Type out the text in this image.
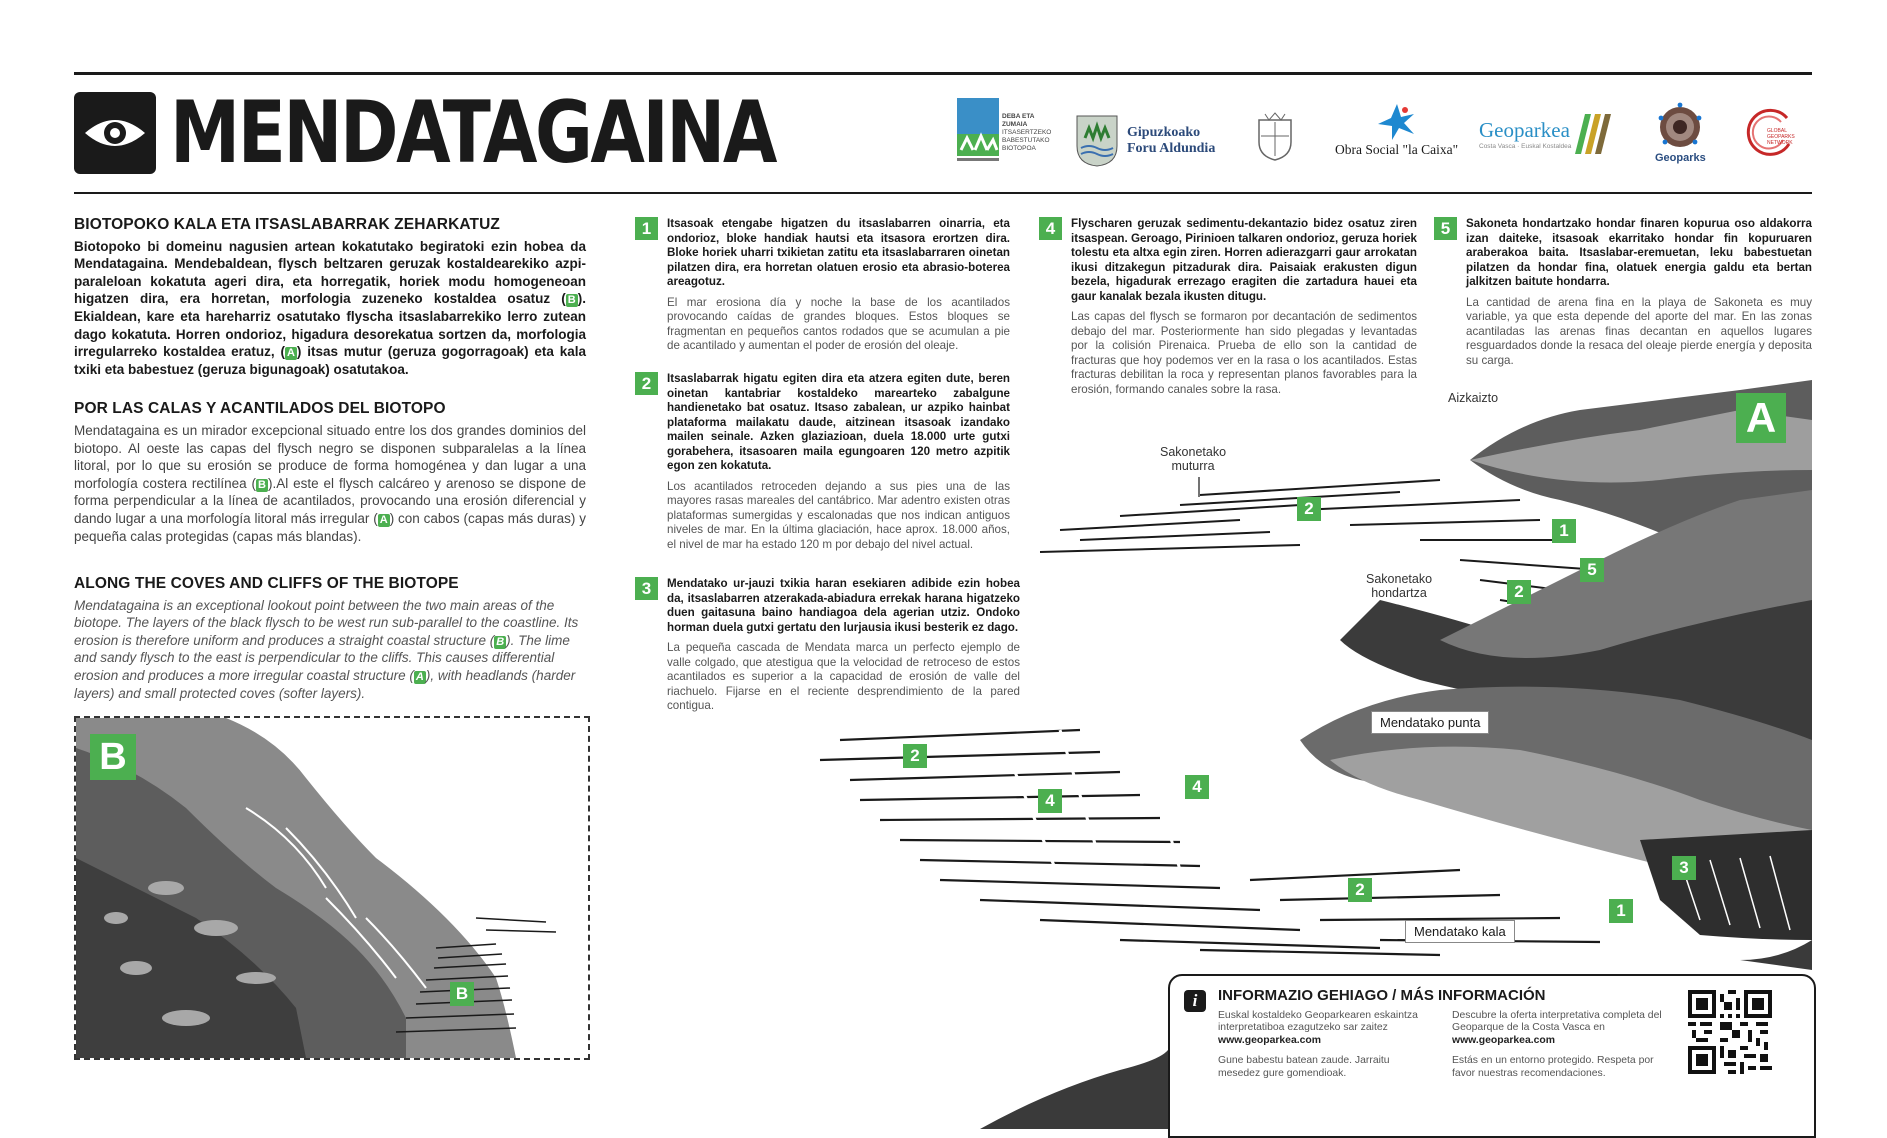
MENDATAGAINA	DEBA ETA
ZUMAIA
ITSASERTZEKO
BABESTUTAKO
BIOTOPOA
Gipuzkoako
Foru Aldundia	Obra Social "la Caixa"
Geoparkea
Costa Vasca · Euskal Kostaldea
Geoparks
GLOBAL GEOPARKS NETWORK
BIOTOPOKO KALA ETA ITSASLABARRAK ZEHARKATUZ

Biotopoko bi domeinu nagusien artean kokatutako begiratoki ezin hobea da Mendatagaina. Mendebaldean, flysch beltzaren geruzak kostaldearekiko azpi-paraleloan kokatuta ageri dira, eta horregatik, horiek modu homogeneoan higatzen dira, era horretan, morfologia zuzeneko kostaldea osatuz ( B ). Ekialdean, kare eta hareharriz osatutako flyscha itsaslabarrekiko lerro zutean dago kokatuta. Horren ondorioz, higadura desorekatua sortzen da, morfologia irregularreko kostaldea eratuz, ( A ) itsas mutur (geruza gogorragoak) eta kala txiki eta babestuez (geruza bigunagoak) osatutakoa.

POR LAS CALAS Y ACANTILADOS DEL BIOTOPO

Mendatagaina es un mirador excepcional situado entre los dos grandes dominios del biotopo. Al oeste las capas del flysch negro se disponen subparalelas a la línea litoral, por lo que su erosión se produce de forma homogénea y dan lugar a una morfología costera rectilínea ( B ).Al este el flysch calcáreo y arenoso se dispone de forma perpendicular a la línea de acantilados, provocando una erosión diferencial y dando lugar a una morfología litoral más irregular ( A ) con cabos (capas más duras) y pequeña calas protegidas (capas más blandas).

ALONG THE COVES AND CLIFFS OF THE BIOTOPE

Mendatagaina is an exceptional lookout point between the two main areas of the biotope. The layers of the black flysch to be west run sub-parallel to the coastline. Its erosion is therefore uniform and produces a straight coastal structure ( B ). The lime and sandy flysch to the east is perpendicular to the cliffs. This causes differential erosion and produces a more irregular coastal structure ( A ), with headlands (harder layers) and small protected coves (softer layers).

B
B
Aizkaizto
Sakonetako
muturra
Sakonetako
hondartza
Mendatako punta
Mendatako kala
A
2
1
5
2
2
4
4
2
3
1
1	Itsasoak etengabe higatzen du itsaslabarren oinarria, eta ondorioz, bloke handiak hautsi eta itsasora erortzen dira. Bloke horiek uharri txikietan zatitu eta itsaslabarraren oinetan pilatzen dira, era horretan olatuen erosio eta abrasio-boterea areagotuz.

El mar erosiona día y noche la base de los acantilados provocando caídas de grandes bloques. Estos bloques se fragmentan en pequeños cantos rodados que se acumulan a pie de acantilado y aumentan el poder de erosión del oleaje.

2	Itsaslabarrak higatu egiten dira eta atzera egiten dute, beren oinetan kantabriar kostaldeko marearteko zabalgune handienetako bat osatuz. Itsaso zabalean, ur azpiko hainbat plataforma mailakatu daude, aitzinean itsasoak izandako mailen seinale. Azken glaziazioan, duela 18.000 urte gutxi gorabehera, itsasoaren maila egungoaren 120 metro azpitik egon zen kokatuta.

Los acantilados retroceden dejando a sus pies una de las mayores rasas mareales del cantábrico. Mar adentro existen otras plataformas sumergidas y escalonadas que nos indican antiguos niveles de mar. En la última glaciación, hace aprox. 18.000 años, el nivel de mar ha estado 120 m por debajo del nivel actual.

3	Mendatako ur-jauzi txikia haran esekiaren adibide ezin hobea da, itsaslabarren atzerakada-abiadura errekak harana higatzeko duen gaitasuna baino handiagoa dela agerian utziz. Ondoko horman duela gutxi gertatu den lurjausia ikusi besterik ez dago.

La pequeña cascada de Mendata marca un perfecto ejemplo de valle colgado, que atestigua que la velocidad de retroceso de estos acantilados es superior a la capacidad de erosión de valle del riachuelo. Fijarse en el reciente desprendimiento de la pared contigua.

4	Flyscharen geruzak sedimentu-dekantazio bidez osatuz ziren itsaspean. Geroago, Pirinioen talkaren ondorioz, geruza horiek tolestu eta altxa egin ziren. Horren adierazgarri gaur arrokatan ikusi ditzakegun pitzadurak dira. Paisaiak erakusten digun bezela, higadurak errezago eragiten die zartadura hauei eta gaur kanalak bezala ikusten ditugu.

Las capas del flysch se formaron por decantación de sedimentos debajo del mar. Posteriormente han sido plegadas y levantadas por la colisión Pirenaica. Prueba de ello son la cantidad de fracturas que hoy podemos ver en la rasa o los acantilados. Estas fracturas debilitan la roca y representan planos favorables para la erosión, formando canales sobre la rasa.

5	Sakoneta hondartzako hondar finaren kopurua oso aldakorra izan daiteke, itsasoak ekarritako hondar fin kopuruaren araberakoa baita. Itsaslabar-eremuetan, leku babestuetan pilatzen da hondar fina, olatuek energia galdu eta bertan jalkitzen baitute hondarra.

La cantidad de arena fina en la playa de Sakoneta es muy variable, ya que esta depende del aporte del mar. En las zonas acantiladas las arenas finas decantan en aquellos lugares resguardados donde la resaca del oleaje pierde energía y deposita su carga.

i	INFORMAZIO GEHIAGO / MÁS INFORMACIÓN
Euskal kostaldeko Geoparkearen eskaintza interpretatiboa ezagutzeko sar zaitez
www.geoparkea.com
Gune babestu batean zaude. Jarraitu mesedez gure gomendioak.
Descubre la oferta interpretativa completa del Geoparque de la Costa Vasca en
www.geoparkea.com
Estás en un entorno protegido. Respeta por favor nuestras recomendaciones.
